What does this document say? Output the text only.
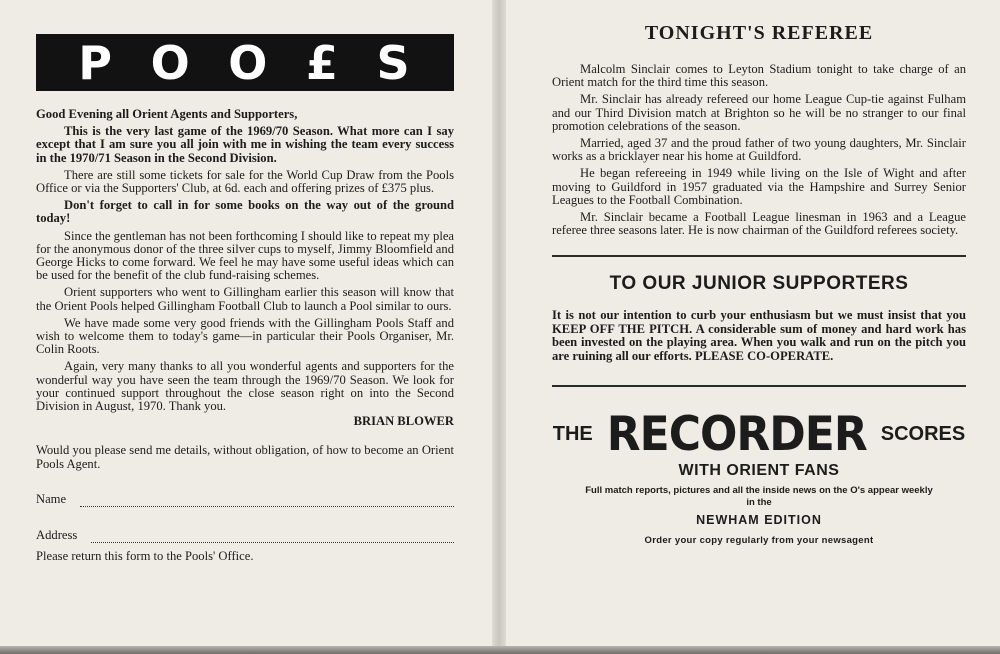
P O O £ S

Good Evening all Orient Agents and Supporters,

This is the very last game of the 1969/70 Season. What more can I say except that I am sure you all join with me in wishing the team every success in the 1970/71 Season in the Second Division.

There are still some tickets for sale for the World Cup Draw from the Pools Office or via the Supporters' Club, at 6d. each and offering prizes of £375 plus.

Don't forget to call in for some books on the way out of the ground today!

Since the gentleman has not been forthcoming I should like to repeat my plea for the anonymous donor of the three silver cups to myself, Jimmy Bloomfield and George Hicks to come forward. We feel he may have some useful ideas which can be used for the benefit of the club fund-raising schemes.

Orient supporters who went to Gillingham earlier this season will know that the Orient Pools helped Gillingham Football Club to launch a Pool similar to ours.

We have made some very good friends with the Gillingham Pools Staff and wish to welcome them to today's game—in particular their Pools Organiser, Mr. Colin Roots.

Again, very many thanks to all you wonderful agents and supporters for the wonderful way you have seen the team through the 1969/70 Season. We look for your continued support throughout the close season right on into the Second Division in August, 1970. Thank you.

BRIAN BLOWER

Would you please send me details, without obligation, of how to become an Orient Pools Agent.

Name
Address
Please return this form to the Pools' Office.
TONIGHT'S REFEREE

Malcolm Sinclair comes to Leyton Stadium tonight to take charge of an Orient match for the third time this season.

Mr. Sinclair has already refereed our home League Cup-tie against Fulham and our Third Division match at Brighton so he will be no stranger to our final promotion celebrations of the season.

Married, aged 37 and the proud father of two young daughters, Mr. Sinclair works as a bricklayer near his home at Guildford.

He began refereeing in 1949 while living on the Isle of Wight and after moving to Guildford in 1957 graduated via the Hampshire and Surrey Senior Leagues to the Football Combination.

Mr. Sinclair became a Football League linesman in 1963 and a League referee three seasons later. He is now chairman of the Guildford referees society.

TO OUR JUNIOR SUPPORTERS

It is not our intention to curb your enthusiasm but we must insist that you KEEP OFF THE PITCH. A considerable sum of money and hard work has been invested on the playing area. When you walk and run on the pitch you are ruining all our efforts. PLEASE CO-OPERATE.

THE RECORDER SCORES
WITH ORIENT FANS
Full match reports, pictures and all the inside news on the O's appear weekly
in the
NEWHAM EDITION
Order your copy regularly from your newsagent
